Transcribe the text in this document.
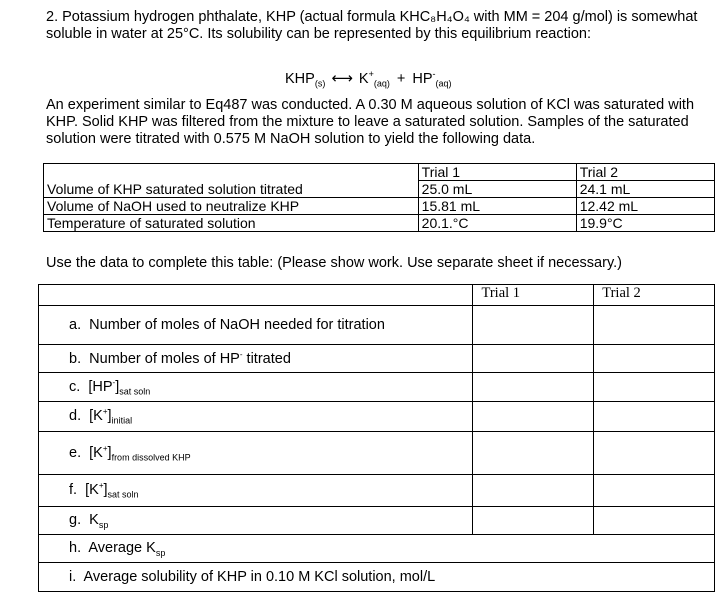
2. Potassium hydrogen phthalate, KHP (actual formula KHC₈H₄O₄ with MM = 204 g/mol) is somewhat soluble in water at 25°C. Its solubility can be represented by this equilibrium reaction:

$KHP_{(s)}$ ⟷ $K^+_{(aq)} + HP^-_{(aq)}$

An experiment similar to Eq487 was conducted. A 0.30 M aqueous solution of KCl was saturated with KHP. Solid KHP was filtered from the mixture to leave a saturated solution. Samples of the saturated solution were titrated with 0.575 M NaOH solution to yield the following data.

	Trial 1	Trial 2
Volume of KHP saturated solution titrated	25.0 mL	24.1 mL
Volume of NaOH used to neutralize KHP	15.81 mL	12.42 mL
Temperature of saturated solution	20.1.°C	19.9°C

Use the data to complete this table: (Please show work. Use separate sheet if necessary.)

	Trial 1	Trial 2
a. Number of moles of NaOH needed for titration		
b. Number of moles of HP- titrated		
c. $[HP^-]_{sat soln}$		
d. $[K^+]_{initial}$		
e. $[K^+]_{from dissolved KHP}$		
f. $[K^+]_{sat soln}$		
g. $K_{sp}$		
h. Average $K_{sp}$
i. Average solubility of KHP in 0.10 M KCl solution, mol/L		
